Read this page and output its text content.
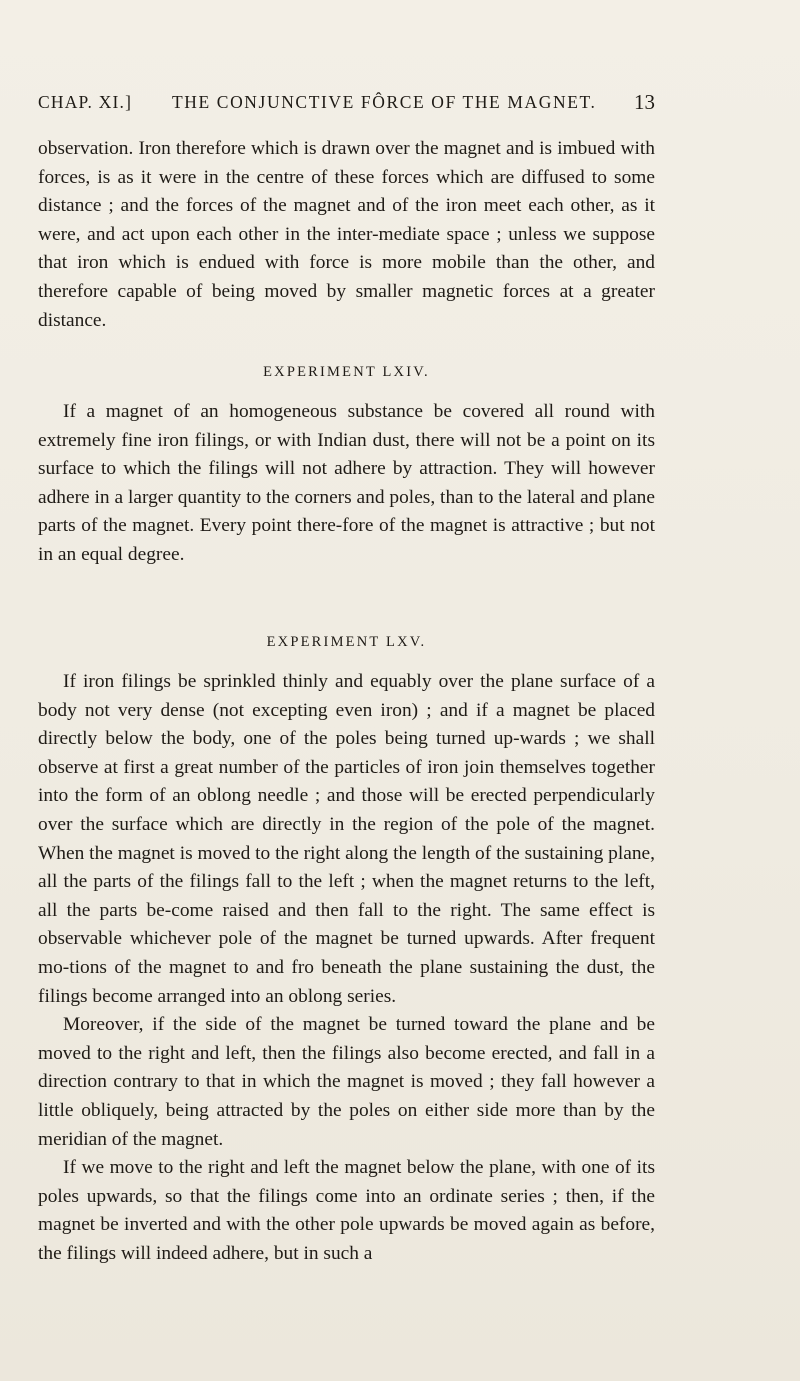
CHAP. XI.] THE CONJUNCTIVE FÔRCE OF THE MAGNET. 13

observation. Iron therefore which is drawn over the magnet and is imbued with forces, is as it were in the centre of these forces which are diffused to some distance ; and the forces of the magnet and of the iron meet each other, as it were, and act upon each other in the inter-mediate space ; unless we suppose that iron which is endued with force is more mobile than the other, and therefore capable of being moved by smaller magnetic forces at a greater distance.

EXPERIMENT LXIV.

If a magnet of an homogeneous substance be covered all round with extremely fine iron filings, or with Indian dust, there will not be a point on its surface to which the filings will not adhere by attraction. They will however adhere in a larger quantity to the corners and poles, than to the lateral and plane parts of the magnet. Every point there-fore of the magnet is attractive ; but not in an equal degree.

EXPERIMENT LXV.

If iron filings be sprinkled thinly and equably over the plane surface of a body not very dense (not excepting even iron) ; and if a magnet be placed directly below the body, one of the poles being turned up-wards ; we shall observe at first a great number of the particles of iron join themselves together into the form of an oblong needle ; and those will be erected perpendicularly over the surface which are directly in the region of the pole of the magnet. When the magnet is moved to the right along the length of the sustaining plane, all the parts of the filings fall to the left ; when the magnet returns to the left, all the parts be-come raised and then fall to the right. The same effect is observable whichever pole of the magnet be turned upwards. After frequent mo-tions of the magnet to and fro beneath the plane sustaining the dust, the filings become arranged into an oblong series.

Moreover, if the side of the magnet be turned toward the plane and be moved to the right and left, then the filings also become erected, and fall in a direction contrary to that in which the magnet is moved ; they fall however a little obliquely, being attracted by the poles on either side more than by the meridian of the magnet.

If we move to the right and left the magnet below the plane, with one of its poles upwards, so that the filings come into an ordinate series ; then, if the magnet be inverted and with the other pole upwards be moved again as before, the filings will indeed adhere, but in such a
